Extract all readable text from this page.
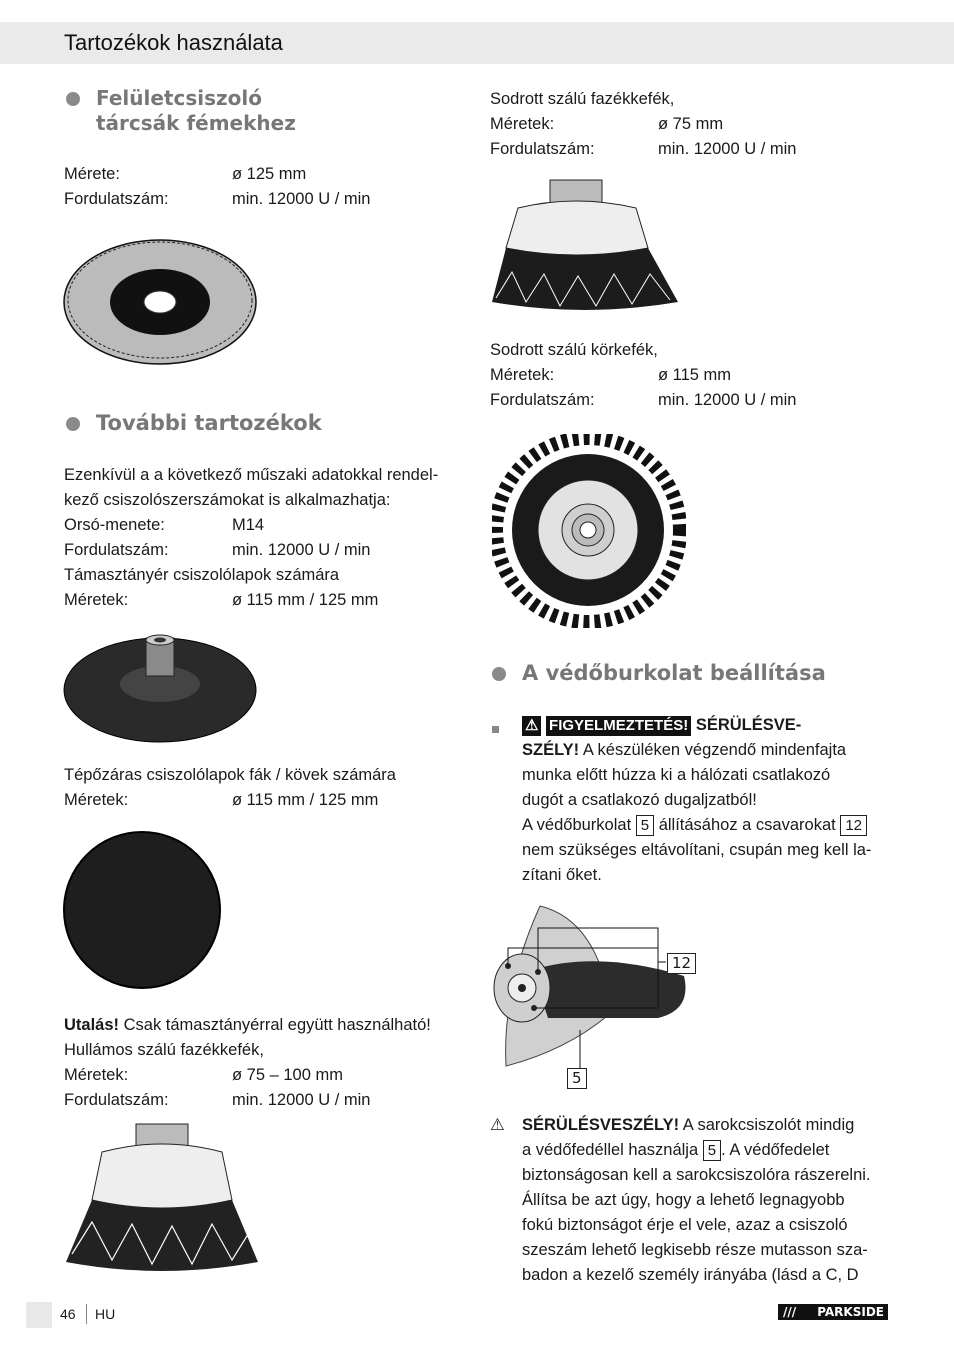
Tartozékok használata
Felületcsiszoló
tárcsák fémekhez
Mérete:	ø 125 mm
Fordulatszám:	min. 12000 U / min
További tartozékok
Ezenkívül a a következő műszaki adatokkal rendel-
kező csiszolószerszámokat is alkalmazhatja:
Orsó-menete:	M14
Fordulatszám:	min. 12000 U / min
Támasztányér csiszolólapok számára
Méretek:	ø 115 mm / 125 mm
Tépőzáras csiszolólapok fák / kövek számára
Méretek:	ø 115 mm / 125 mm
Utalás! Csak támasztányérral együtt használható!
Hullámos szálú fazékkefék,
Méretek:	ø 75 – 100 mm
Fordulatszám:	min. 12000 U / min
Sodrott szálú fazékkefék,
Méretek:	ø 75 mm
Fordulatszám:	min. 12000 U / min
Sodrott szálú körkefék,
Méretek:	ø 115 mm
Fordulatszám:	min. 12000 U / min
A védőburkolat beállítása
⚠ FIGYELMEZTETÉS! SÉRÜLÉSVE-
SZÉLY! A készüléken végzendő mindenfajta
munka előtt húzza ki a hálózati csatlakozó
dugót a csatlakozó dugaljzatból!
A védőburkolat 5 állításához a csavarokat 12
nem szükséges eltávolítani, csupán meg kell la-
zítani őket.
12
5
⚠ SÉRÜLÉSVESZÉLY! A sarokcsiszolót mindig
a védőfedéllel használja 5 . A védőfedelet
biztonságosan kell a sarokcsiszolóra rászerelni.
Állítsa be azt úgy, hogy a lehető legnagyobb
fokú biztonságot érje el vele, azaz a csiszoló
szeszám lehető legkisebb része mutasson sza-
badon a kezelő személy irányába (lásd a C, D
46 HU	/// PARKSIDE
